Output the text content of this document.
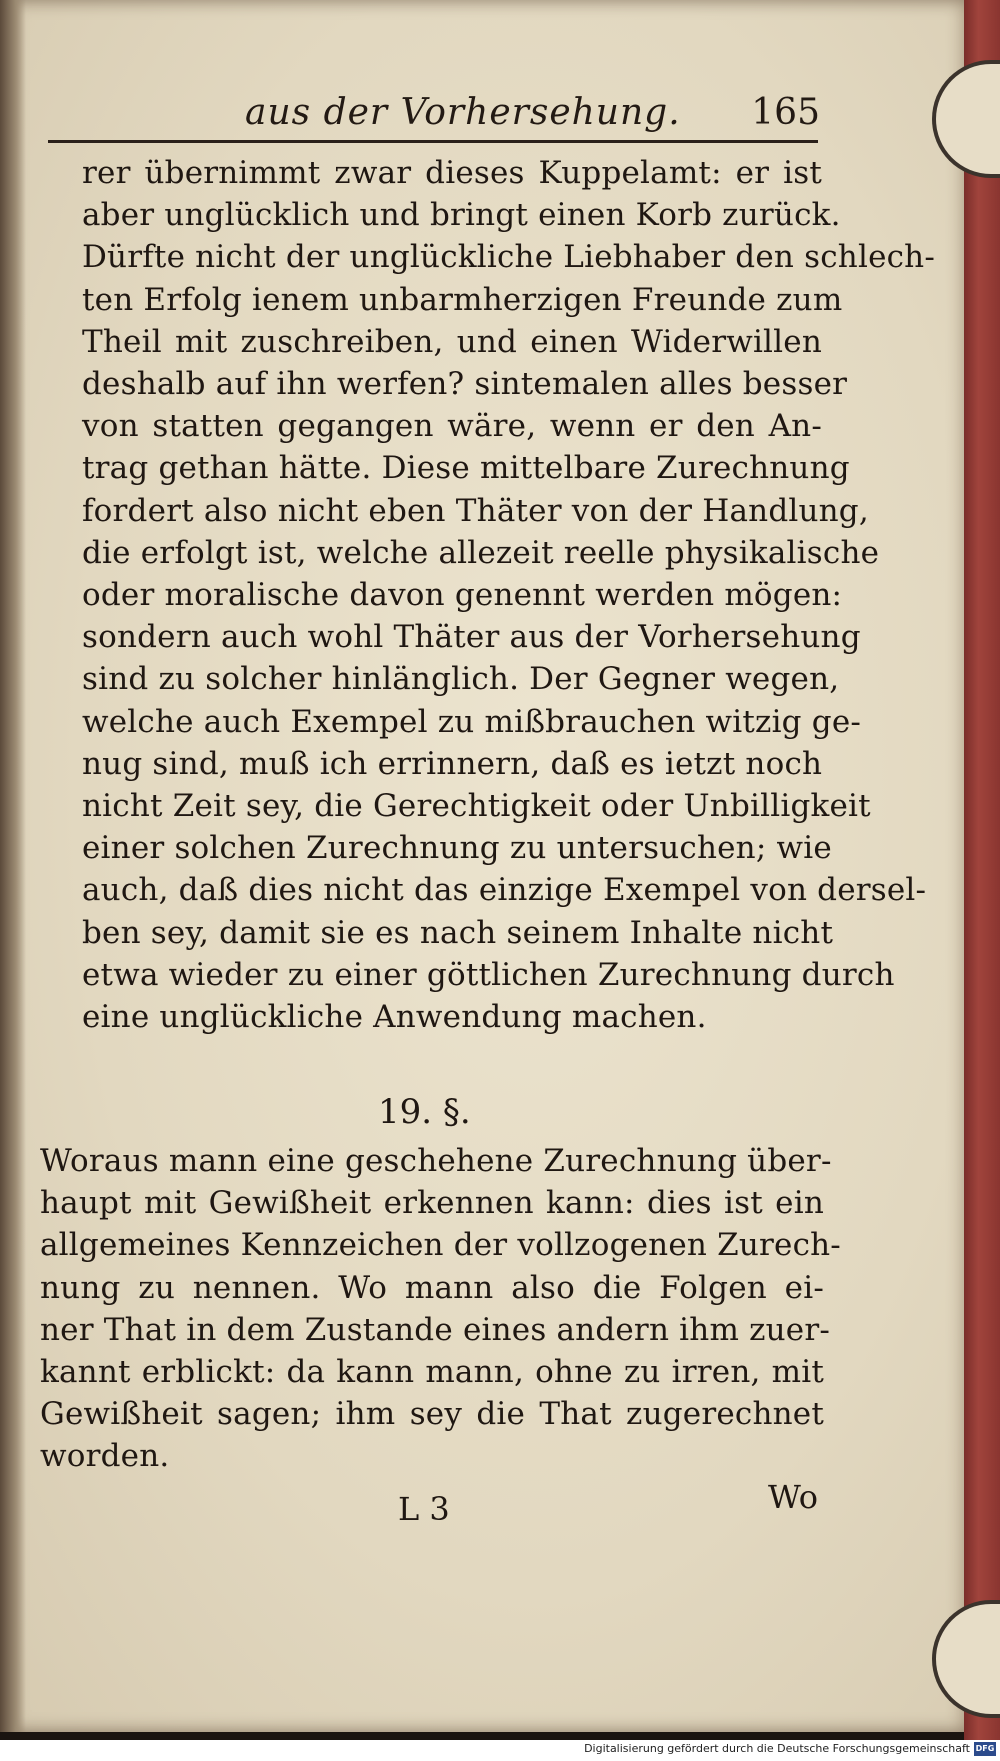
aus der Vorhersehung. 165
rer übernimmt zwar dieses Kuppelamt: er ist
aber unglücklich und bringt einen Korb zurück.
Dürfte nicht der unglückliche Liebhaber den schlech-
ten Erfolg ienem unbarmherzigen Freunde zum
Theil mit zuschreiben, und einen Widerwillen
deshalb auf ihn werfen? sintemalen alles besser
von statten gegangen wäre, wenn er den An-
trag gethan hätte. Diese mittelbare Zurechnung
fordert also nicht eben Thäter von der Handlung,
die erfolgt ist, welche allezeit reelle physikalische
oder moralische davon genennt werden mögen:
sondern auch wohl Thäter aus der Vorhersehung
sind zu solcher hinlänglich. Der Gegner wegen,
welche auch Exempel zu mißbrauchen witzig ge-
nug sind, muß ich errinnern, daß es ietzt noch
nicht Zeit sey, die Gerechtigkeit oder Unbilligkeit
einer solchen Zurechnung zu untersuchen; wie
auch, daß dies nicht das einzige Exempel von dersel-
ben sey, damit sie es nach seinem Inhalte nicht
etwa wieder zu einer göttlichen Zurechnung durch
eine unglückliche Anwendung machen.
19. §.
Woraus mann eine geschehene Zurechnung über-
haupt mit Gewißheit erkennen kann: dies ist ein
allgemeines Kennzeichen der vollzogenen Zurech-
nung zu nennen. Wo mann also die Folgen ei-
ner That in dem Zustande eines andern ihm zuer-
kannt erblickt: da kann mann, ohne zu irren, mit
Gewißheit sagen; ihm sey die That zugerechnet
worden.
L 3	Wo
Digitalisierung gefördert durch die Deutsche Forschungsgemeinschaft DFG
